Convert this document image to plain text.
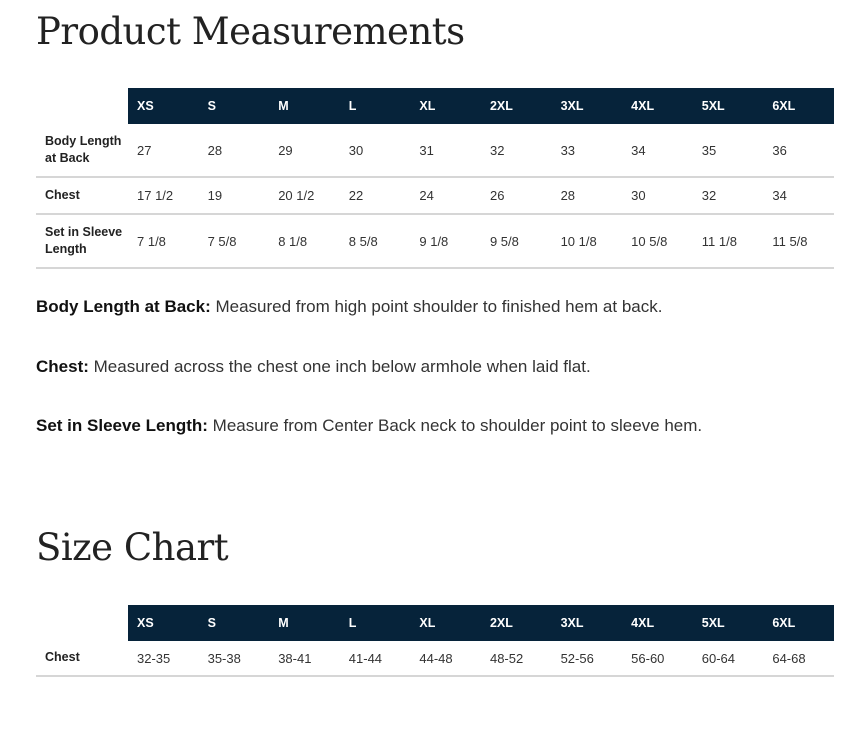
Product Measurements
	XS	S	M	L	XL	2XL	3XL	4XL	5XL	6XL
Body Length at Back	27	28	29	30	31	32	33	34	35	36
Chest	17 1/2	19	20 1/2	22	24	26	28	30	32	34
Set in Sleeve Length	7 1/8	7 5/8	8 1/8	8 5/8	9 1/8	9 5/8	10 1/8	10 5/8	11 1/8	11 5/8

Body Length at Back: Measured from high point shoulder to finished hem at back.

Chest: Measured across the chest one inch below armhole when laid flat.

Set in Sleeve Length: Measure from Center Back neck to shoulder point to sleeve hem.

Size Chart
	XS	S	M	L	XL	2XL	3XL	4XL	5XL	6XL
Chest	32-35	35-38	38-41	41-44	44-48	48-52	52-56	56-60	60-64	64-68
